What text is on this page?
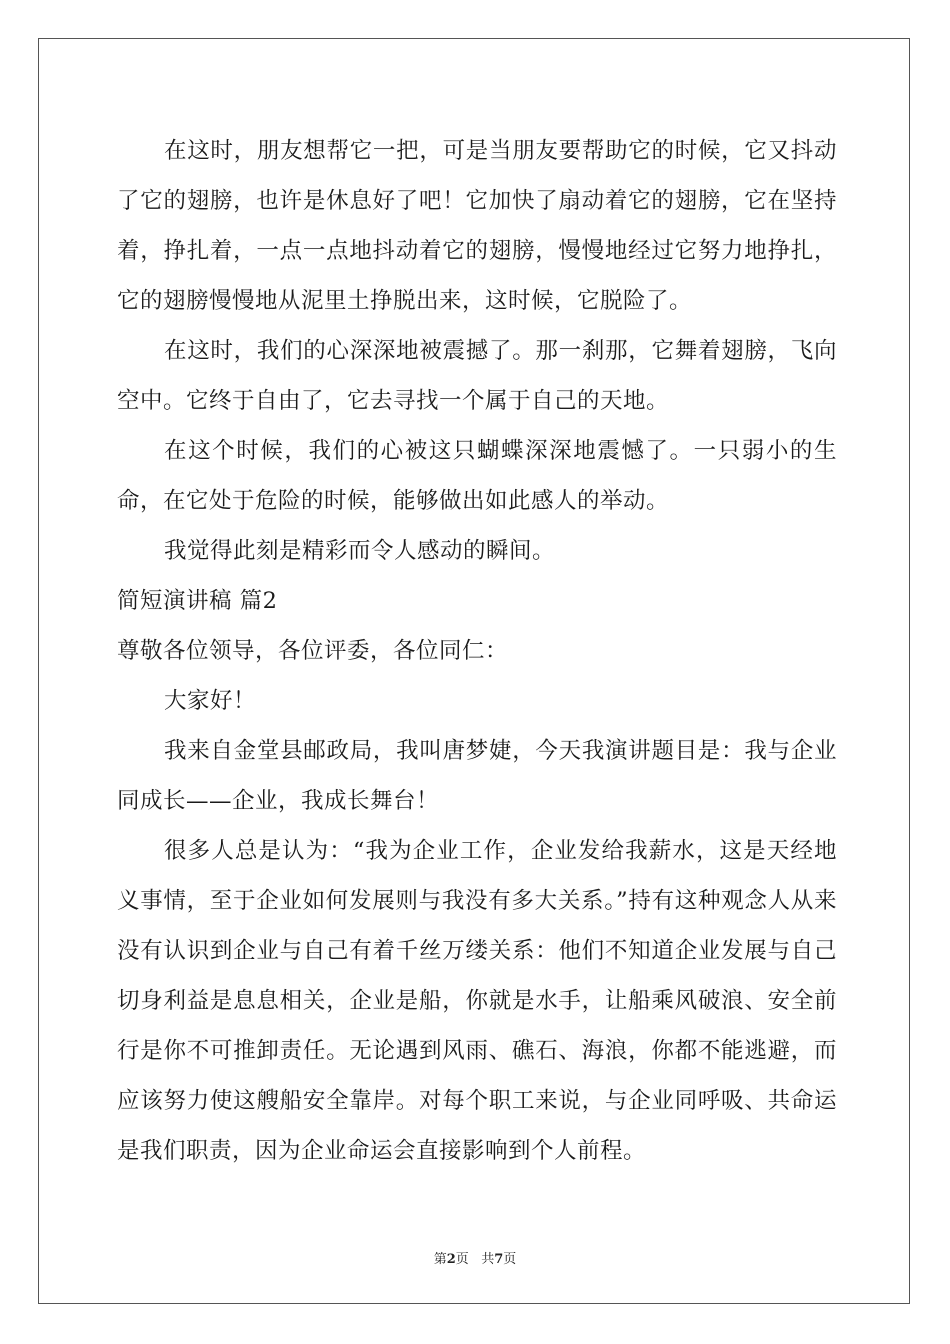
在这时，朋友想帮它一把，可是当朋友要帮助它的时候，它又抖动了它的翅膀，也许是休息好了吧！它加快了扇动着它的翅膀，它在坚持着，挣扎着，一点一点地抖动着它的翅膀，慢慢地经过它努力地挣扎，它的翅膀慢慢地从泥里土挣脱出来，这时候，它脱险了。

在这时，我们的心深深地被震撼了。那一刹那，它舞着翅膀，飞向空中。它终于自由了，它去寻找一个属于自己的天地。

在这个时候，我们的心被这只蝴蝶深深地震憾了。一只弱小的生命，在它处于危险的时候，能够做出如此感人的举动。

我觉得此刻是精彩而令人感动的瞬间。

简短演讲稿 篇2

尊敬各位领导，各位评委，各位同仁：

大家好！

我来自金堂县邮政局，我叫唐梦婕，今天我演讲题目是：我与企业同成长——企业，我成长舞台！

很多人总是认为：“我为企业工作，企业发给我薪水，这是天经地义事情，至于企业如何发展则与我没有多大关系。”持有这种观念人从来没有认识到企业与自己有着千丝万缕关系：他们不知道企业发展与自己切身利益是息息相关，企业是船，你就是水手，让船乘风破浪、安全前行是你不可推卸责任。无论遇到风雨、礁石、海浪，你都不能逃避，而应该努力使这艘船安全靠岸。对每个职工来说，与企业同呼吸、共命运是我们职责，因为企业命运会直接影响到个人前程。

第2页 共7页
